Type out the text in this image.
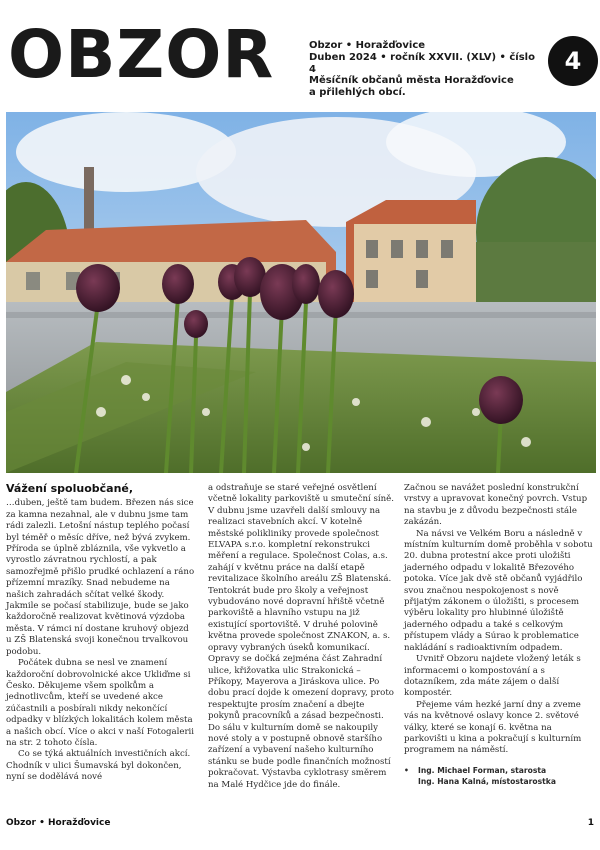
OBZOR	Obzor • Horažďovice
Duben 2024 • ročník XXVII. (XLV) • číslo 4
Měsíčník občanů města Horažďovice
a přilehlých obcí.
4
Vážení spoluobčané,

…duben, ještě tam budem. Březen nás sice za kamna nezahnal, ale v dubnu jsme tam rádi zalezli. Letošní nástup teplého počasí byl téměř o měsíc dříve, než bývá zvykem. Příroda se úplně zbláznila, vše vykvetlo a vyrostlo závratnou rychlostí, a pak samozřejmě přišlo prudké ochlazení a ráno přízemní mrazíky. Snad nebudeme na našich zahradách sčítat velké škody. Jakmile se počasí stabilizuje, bude se jako každoročně realizovat květinová výzdoba města. V rámci ní dostane kruhový objezd u ZŠ Blatenská svoji konečnou trvalkovou podobu.

Počátek dubna se nesl ve znamení každoroční dobrovolnické akce Ukliďme si Česko. Děkujeme všem spolkům a jednotlivcům, kteří se uvedené akce zúčastnili a posbírali nikdy nekončící odpadky v blízkých lokalitách kolem města a našich obcí. Více o akci v naší Fotogalerii na str. 2 tohoto čísla.

Co se týká aktuálních investičních akcí. Chodník v ulici Šumavská byl dokončen, nyní se dodělává nové

a odstraňuje se staré veřejné osvětlení včetně lokality parkoviště u smuteční síně. V dubnu jsme uzavřeli další smlouvy na realizaci stavebních akcí. V kotelně městské polikliniky provede společnost ELVAPA s.r.o. kompletní rekonstrukci měření a regulace. Společnost Colas, a.s. zahájí v květnu práce na další etapě revitalizace školního areálu ZŠ Blatenská. Tentokrát bude pro školy a veřejnost vybudováno nové dopravní hřiště včetně parkoviště a hlavního vstupu na již existující sportoviště. V druhé polovině května provede společnost ZNAKON, a. s. opravy vybraných úseků komunikací. Opravy se dočká zejména část Zahradní ulice, křižovatka ulic Strakonická – Příkopy, Mayerova a Jiráskova ulice. Po dobu prací dojde k omezení dopravy, proto respektujte prosím značení a dbejte pokynů pracovníků a zásad bezpečnosti. Do sálu v kulturním domě se nakoupily nové stoly a v postupně obnově staršího zařízení a vybavení našeho kulturního stánku se bude podle finančních možností pokračovat. Výstavba cyklotrasy směrem na Malé Hydčice jde do finále.

Začnou se navážet poslední konstrukční vrstvy a upravovat konečný povrch. Vstup na stavbu je z důvodu bezpečnosti stále zakázán.

Na návsi ve Velkém Boru a následně v místním kulturním domě proběhla v sobotu 20. dubna protestní akce proti uložišti jaderného odpadu v lokalitě Březového potoka. Více jak dvě stě občanů vyjádřilo svou značnou nespokojenost s nově přijatým zákonem o úložišti, s procesem výběru lokality pro hlubinné úložiště jaderného odpadu a také s celkovým přístupem vlády a Súrao k problematice nakládání s radioaktivním odpadem.

Uvnitř Obzoru najdete vložený leták s informacemi o kompostování a s dotazníkem, zda máte zájem o další kompostér.

Přejeme vám hezké jarní dny a zveme vás na květnové oslavy konce 2. světové války, které se konají 6. května na parkovišti u kina a pokračují s kulturním programem na náměstí.

•	Ing. Michael Forman, starosta
Ing. Hana Kalná, místostarostka
Obzor • Horažďovice	1
